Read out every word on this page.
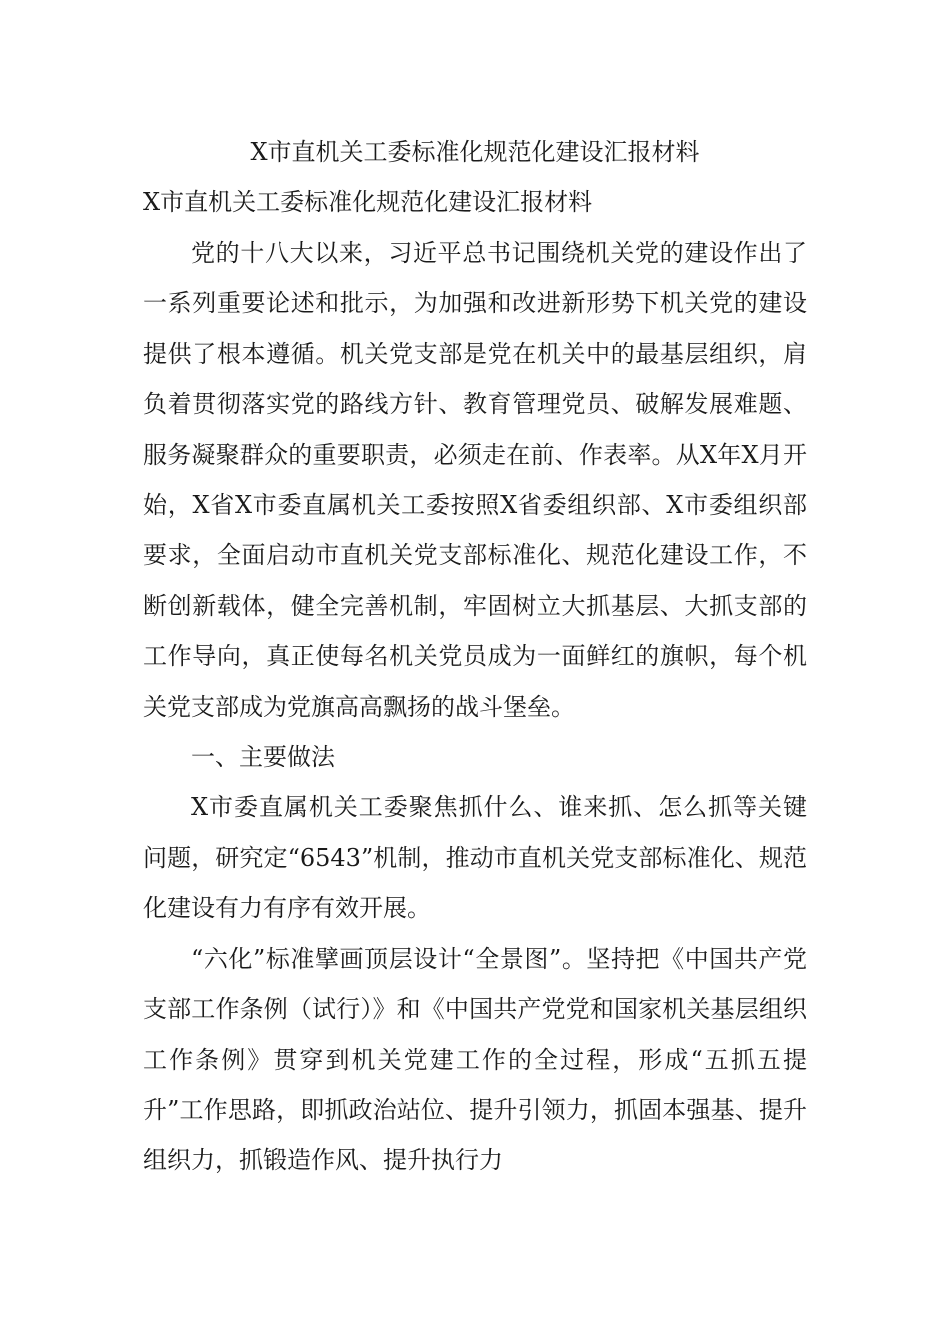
X市直机关工委标准化规范化建设汇报材料

X市直机关工委标准化规范化建设汇报材料

党的十八大以来，习近平总书记围绕机关党的建设作出了一系列重要论述和批示，为加强和改进新形势下机关党的建设提供了根本遵循。机关党支部是党在机关中的最基层组织，肩负着贯彻落实党的路线方针、教育管理党员、破解发展难题、服务凝聚群众的重要职责，必须走在前、作表率。从X年X月开始，X省X市委直属机关工委按照X省委组织部、X市委组织部要求，全面启动市直机关党支部标准化、规范化建设工作，不断创新载体，健全完善机制，牢固树立大抓基层、大抓支部的工作导向，真正使每名机关党员成为一面鲜红的旗帜，每个机关党支部成为党旗高高飘扬的战斗堡垒。

一、主要做法

X市委直属机关工委聚焦抓什么、谁来抓、怎么抓等关键问题，研究定“6543”机制，推动市直机关党支部标准化、规范化建设有力有序有效开展。

“六化”标准擘画顶层设计“全景图”。坚持把《中国共产党支部工作条例（试行）》和《中国共产党党和国家机关基层组织工作条例》贯穿到机关党建工作的全过程，形成“五抓五提升”工作思路，即抓政治站位、提升引领力，抓固本强基、提升组织力，抓锻造作风、提升执行力
